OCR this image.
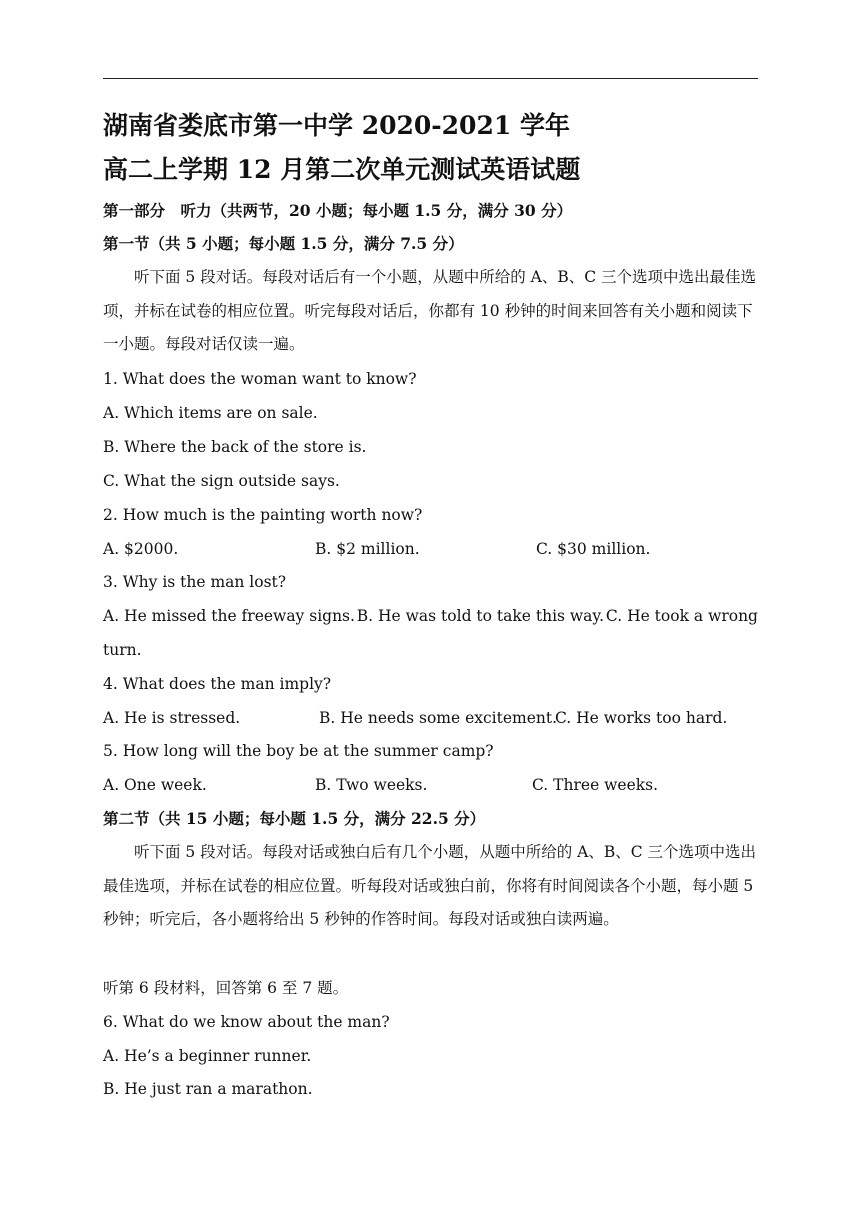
湖南省娄底市第一中学 2020-2021 学年
高二上学期 12 月第二次单元测试英语试题
第一部分　听力（共两节，20 小题；每小题 1.5 分，满分 30 分）
第一节（共 5 小题；每小题 1.5 分，满分 7.5 分）
听下面 5 段对话。每段对话后有一个小题，从题中所给的 A、B、C 三个选项中选出最佳选项，并标在试卷的相应位置。听完每段对话后，你都有 10 秒钟的时间来回答有关小题和阅读下一小题。每段对话仅读一遍。
1. What does the woman want to know?
A. Which items are on sale.
B. Where the back of the store is.
C. What the sign outside says.
2. How much is the painting worth now?
A. $2000.	B. $2 million.	C. $30 million.
3. Why is the man lost?
A. He missed the freeway signs. B. He was told to take this way. C. He took a wrong
turn.
4. What does the man imply?
A. He is stressed.	B. He needs some excitement.
C. He works too hard.
5. How long will the boy be at the summer camp?
A. One week.	B. Two weeks.	C. Three weeks.
第二节（共 15 小题；每小题 1.5 分，满分 22.5 分）
听下面 5 段对话。每段对话或独白后有几个小题，从题中所给的 A、B、C 三个选项中选出最佳选项，并标在试卷的相应位置。听每段对话或独白前，你将有时间阅读各个小题，每小题 5 秒钟；听完后，各小题将给出 5 秒钟的作答时间。每段对话或独白读两遍。
听第 6 段材料，回答第 6 至 7 题。
6. What do we know about the man?
A. He’s a beginner runner.
B. He just ran a marathon.
